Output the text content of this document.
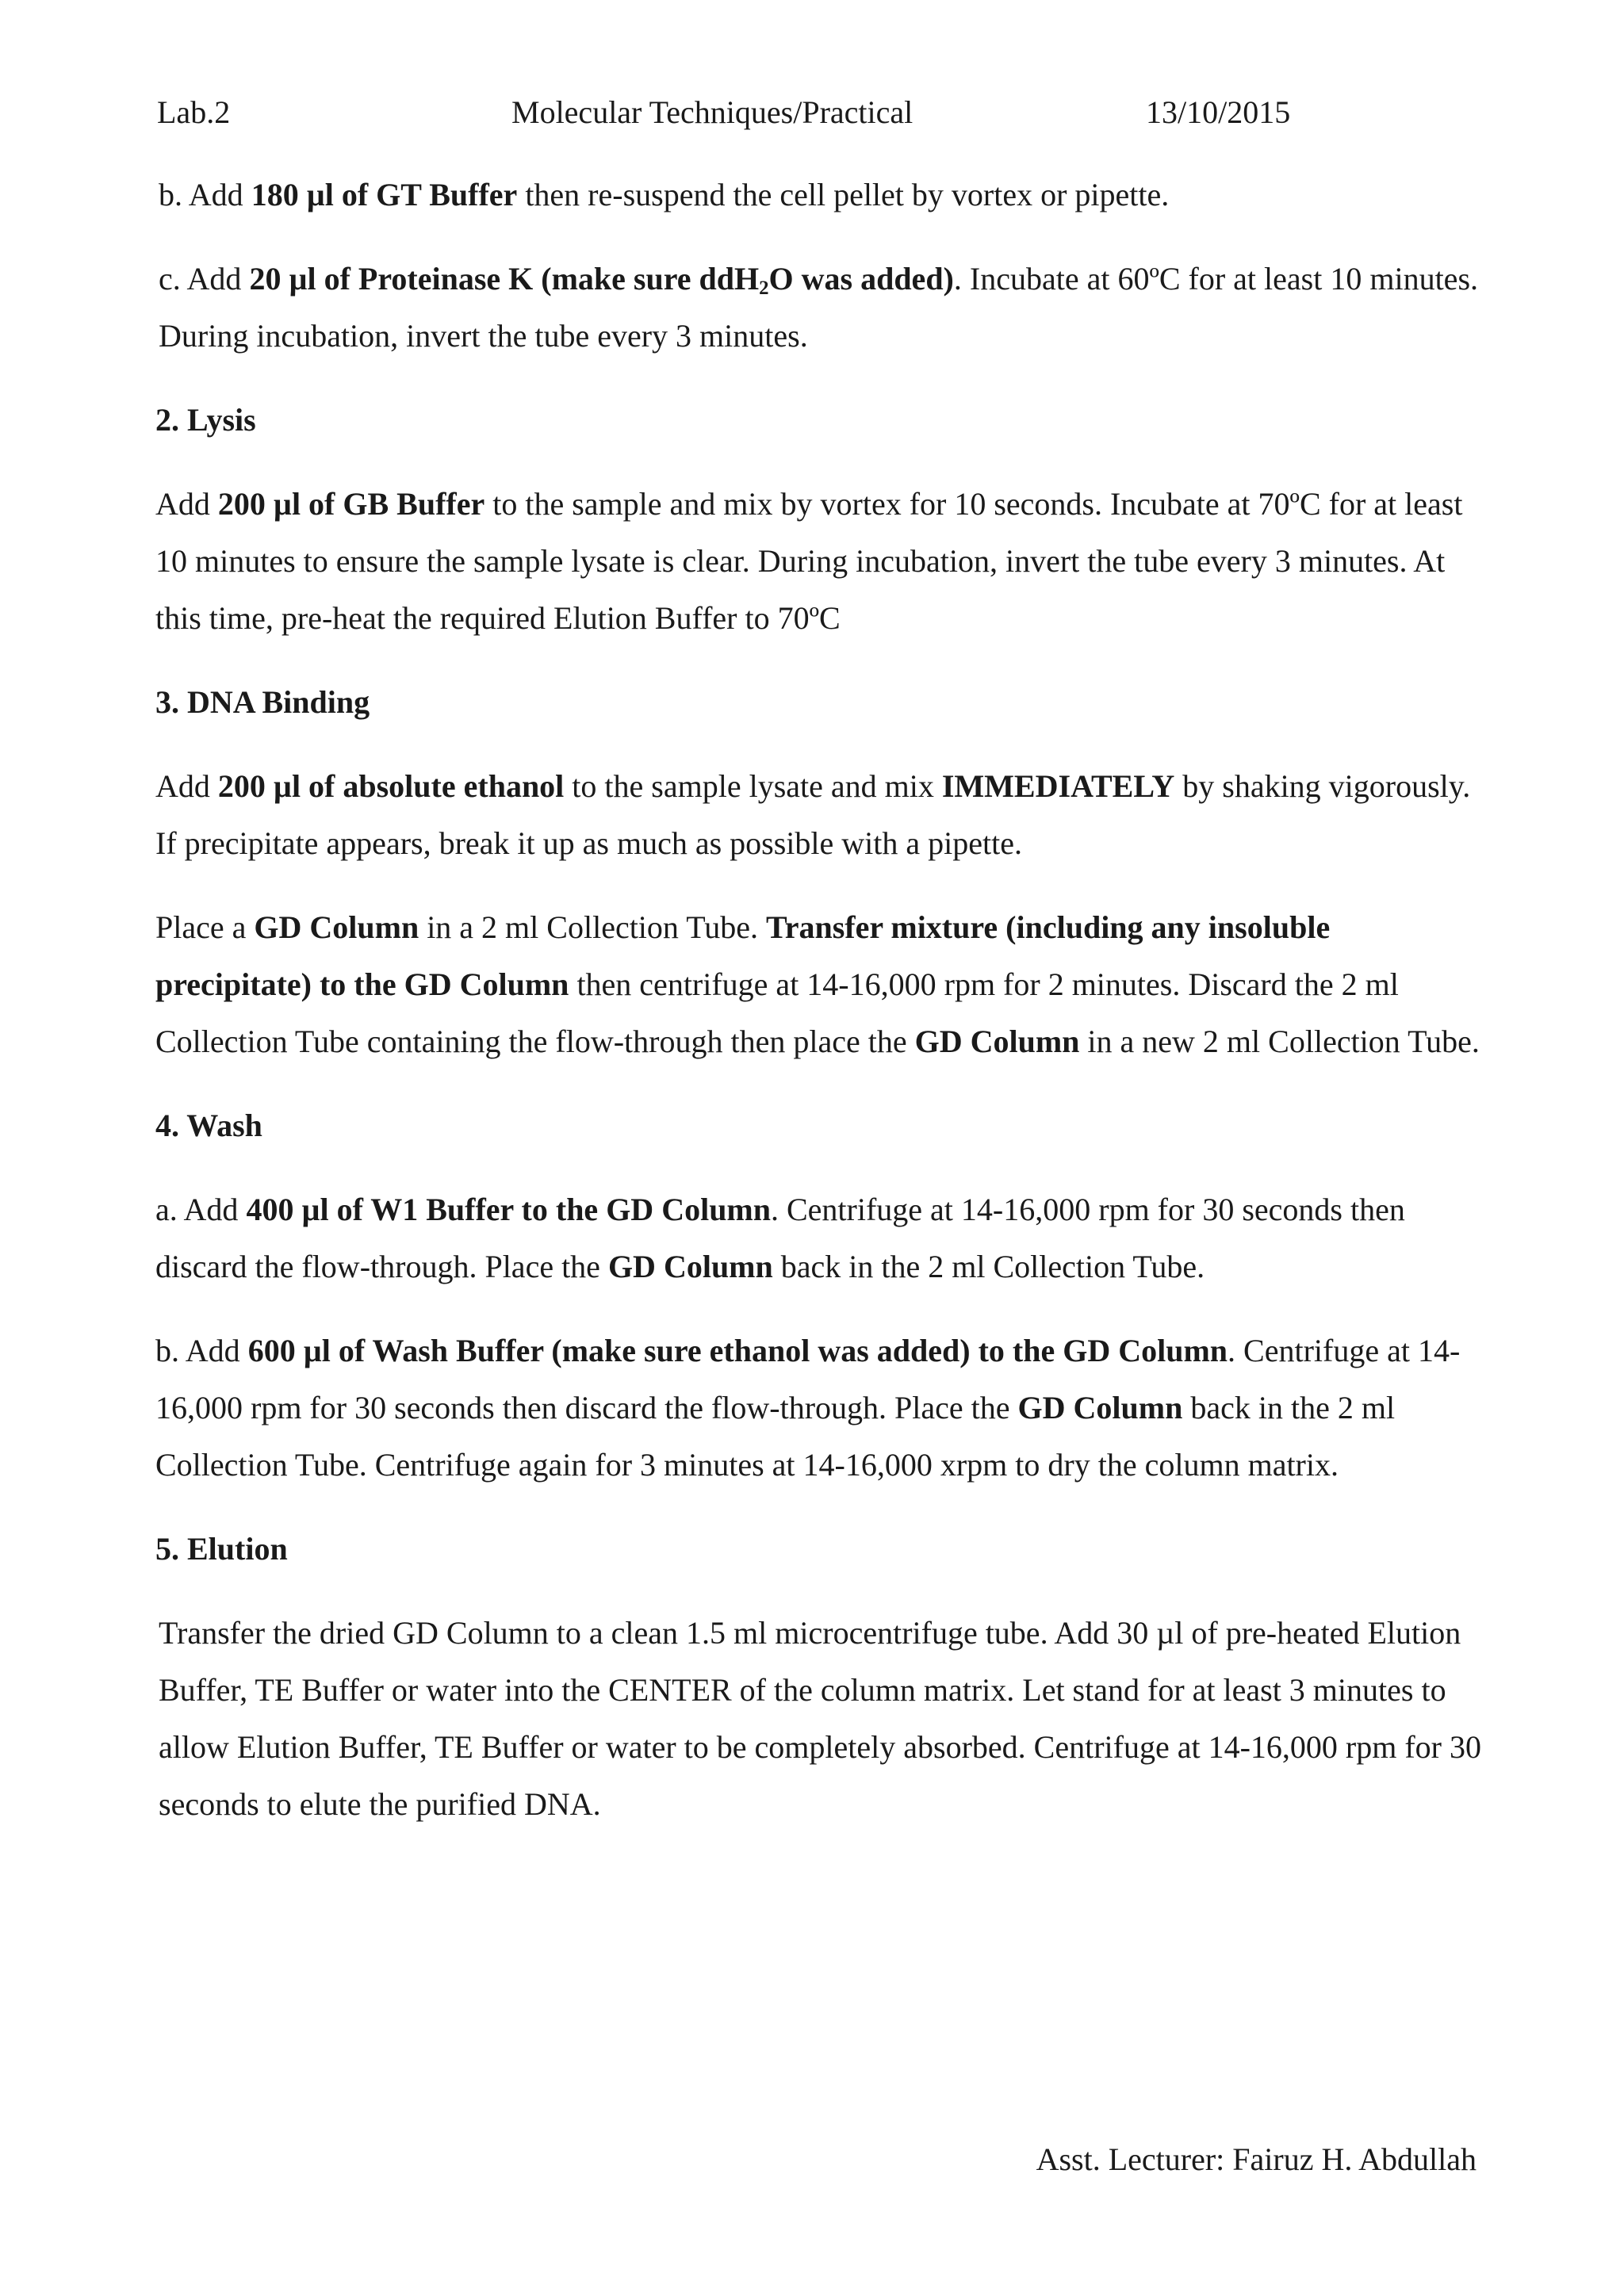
Lab.2	Molecular Techniques/Practical	13/10/2015

b. Add 180 µl of GT Buffer then re-suspend the cell pellet by vortex or pipette.

c. Add 20 µl of Proteinase K (make sure ddH$_2$O was added). Incubate at 60ºC for at least 10 minutes. During incubation, invert the tube every 3 minutes.

2. Lysis

Add 200 µl of GB Buffer to the sample and mix by vortex for 10 seconds. Incubate at 70ºC for at least 10 minutes to ensure the sample lysate is clear. During incubation, invert the tube every 3 minutes. At this time, pre-heat the required Elution Buffer to 70ºC

3. DNA Binding

Add 200 µl of absolute ethanol to the sample lysate and mix IMMEDIATELY by shaking vigorously. If precipitate appears, break it up as much as possible with a pipette.

Place a GD Column in a 2 ml Collection Tube. Transfer mixture (including any insoluble precipitate) to the GD Column then centrifuge at 14-16,000 rpm for 2 minutes. Discard the 2 ml Collection Tube containing the flow-through then place the GD Column in a new 2 ml Collection Tube.

4. Wash

a. Add 400 µl of W1 Buffer to the GD Column. Centrifuge at 14-16,000 rpm for 30 seconds then discard the flow-through. Place the GD Column back in the 2 ml Collection Tube.

b. Add 600 µl of Wash Buffer (make sure ethanol was added) to the GD Column. Centrifuge at 14-16,000 rpm for 30 seconds then discard the flow-through. Place the GD Column back in the 2 ml Collection Tube. Centrifuge again for 3 minutes at 14-16,000 xrpm to dry the column matrix.

5. Elution

Transfer the dried GD Column to a clean 1.5 ml microcentrifuge tube. Add 30 µl of pre-heated Elution Buffer, TE Buffer or water into the CENTER of the column matrix. Let stand for at least 3 minutes to allow Elution Buffer, TE Buffer or water to be completely absorbed. Centrifuge at 14-16,000 rpm for 30 seconds to elute the purified DNA.

Asst. Lecturer: Fairuz H. Abdullah
